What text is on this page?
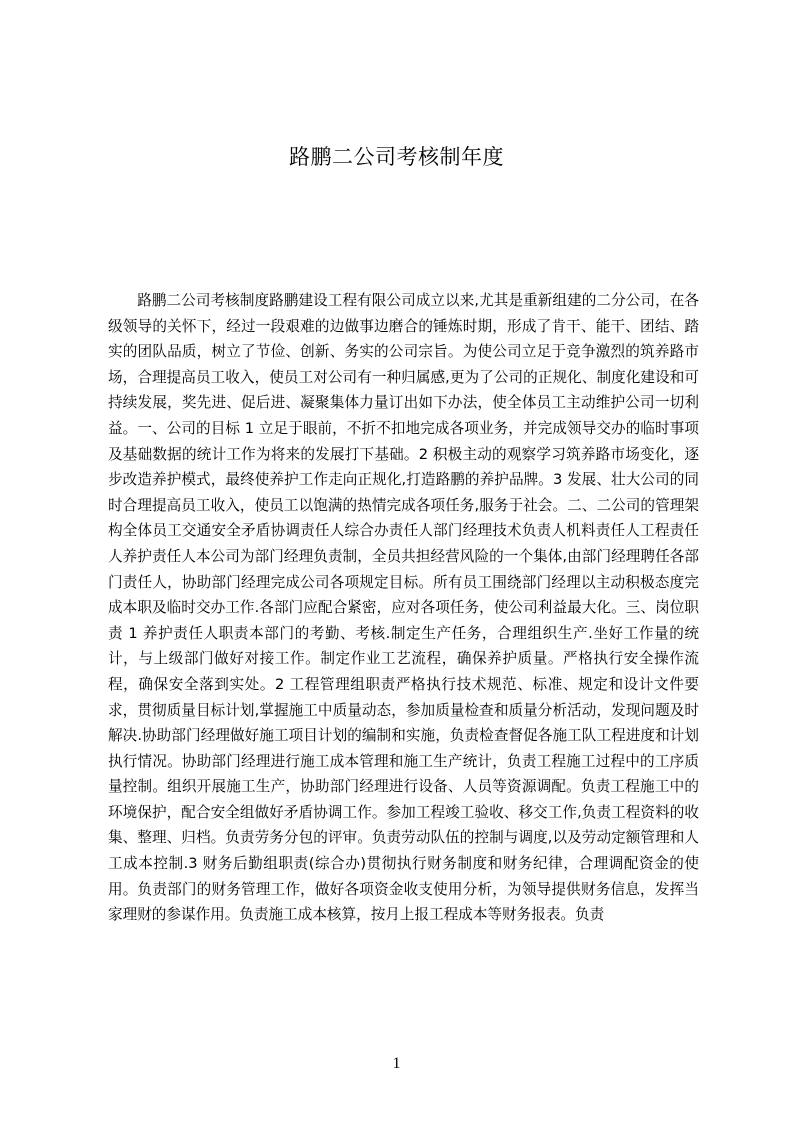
路鹏二公司考核制年度

路鹏二公司考核制度路鹏建设工程有限公司成立以来,尤其是重新组建的二分公司，在各级领导的关怀下，经过一段艰难的边做事边磨合的锤炼时期，形成了肯干、能干、团结、踏实的团队品质，树立了节俭、创新、务实的公司宗旨。为使公司立足于竞争激烈的筑养路市场，合理提高员工收入，使员工对公司有一种归属感,更为了公司的正规化、制度化建设和可持续发展，奖先进、促后进、凝聚集体力量订出如下办法，使全体员工主动维护公司一切利益。一、公司的目标 1 立足于眼前，不折不扣地完成各项业务，并完成领导交办的临时事项及基础数据的统计工作为将来的发展打下基础。2 积极主动的观察学习筑养路市场变化，逐步改造养护模式，最终使养护工作走向正规化,打造路鹏的养护品牌。3 发展、壮大公司的同时合理提高员工收入，使员工以饱满的热情完成各项任务,服务于社会。二、二公司的管理架构全体员工交通安全矛盾协调责任人综合办责任人部门经理技术负责人机料责任人工程责任人养护责任人本公司为部门经理负责制，全员共担经营风险的一个集体,由部门经理聘任各部门责任人，协助部门经理完成公司各项规定目标。所有员工围绕部门经理以主动积极态度完成本职及临时交办工作.各部门应配合紧密，应对各项任务，使公司利益最大化。三、岗位职责 1 养护责任人职责本部门的考勤、考核.制定生产任务，合理组织生产.坐好工作量的统计，与上级部门做好对接工作。制定作业工艺流程，确保养护质量。严格执行安全操作流程，确保安全落到实处。2 工程管理组职责严格执行技术规范、标准、规定和设计文件要求，贯彻质量目标计划,掌握施工中质量动态，参加质量检查和质量分析活动，发现问题及时解决.协助部门经理做好施工项目计划的编制和实施，负责检查督促各施工队工程进度和计划执行情况。协助部门经理进行施工成本管理和施工生产统计，负责工程施工过程中的工序质量控制。组织开展施工生产，协助部门经理进行设备、人员等资源调配。负责工程施工中的环境保护，配合安全组做好矛盾协调工作。参加工程竣工验收、移交工作,负责工程资料的收集、整理、归档。负责劳务分包的评审。负责劳动队伍的控制与调度,以及劳动定额管理和人工成本控制.3 财务后勤组职责(综合办)贯彻执行财务制度和财务纪律，合理调配资金的使用。负责部门的财务管理工作，做好各项资金收支使用分析，为领导提供财务信息，发挥当家理财的参谋作用。负责施工成本核算，按月上报工程成本等财务报表。负责

1
